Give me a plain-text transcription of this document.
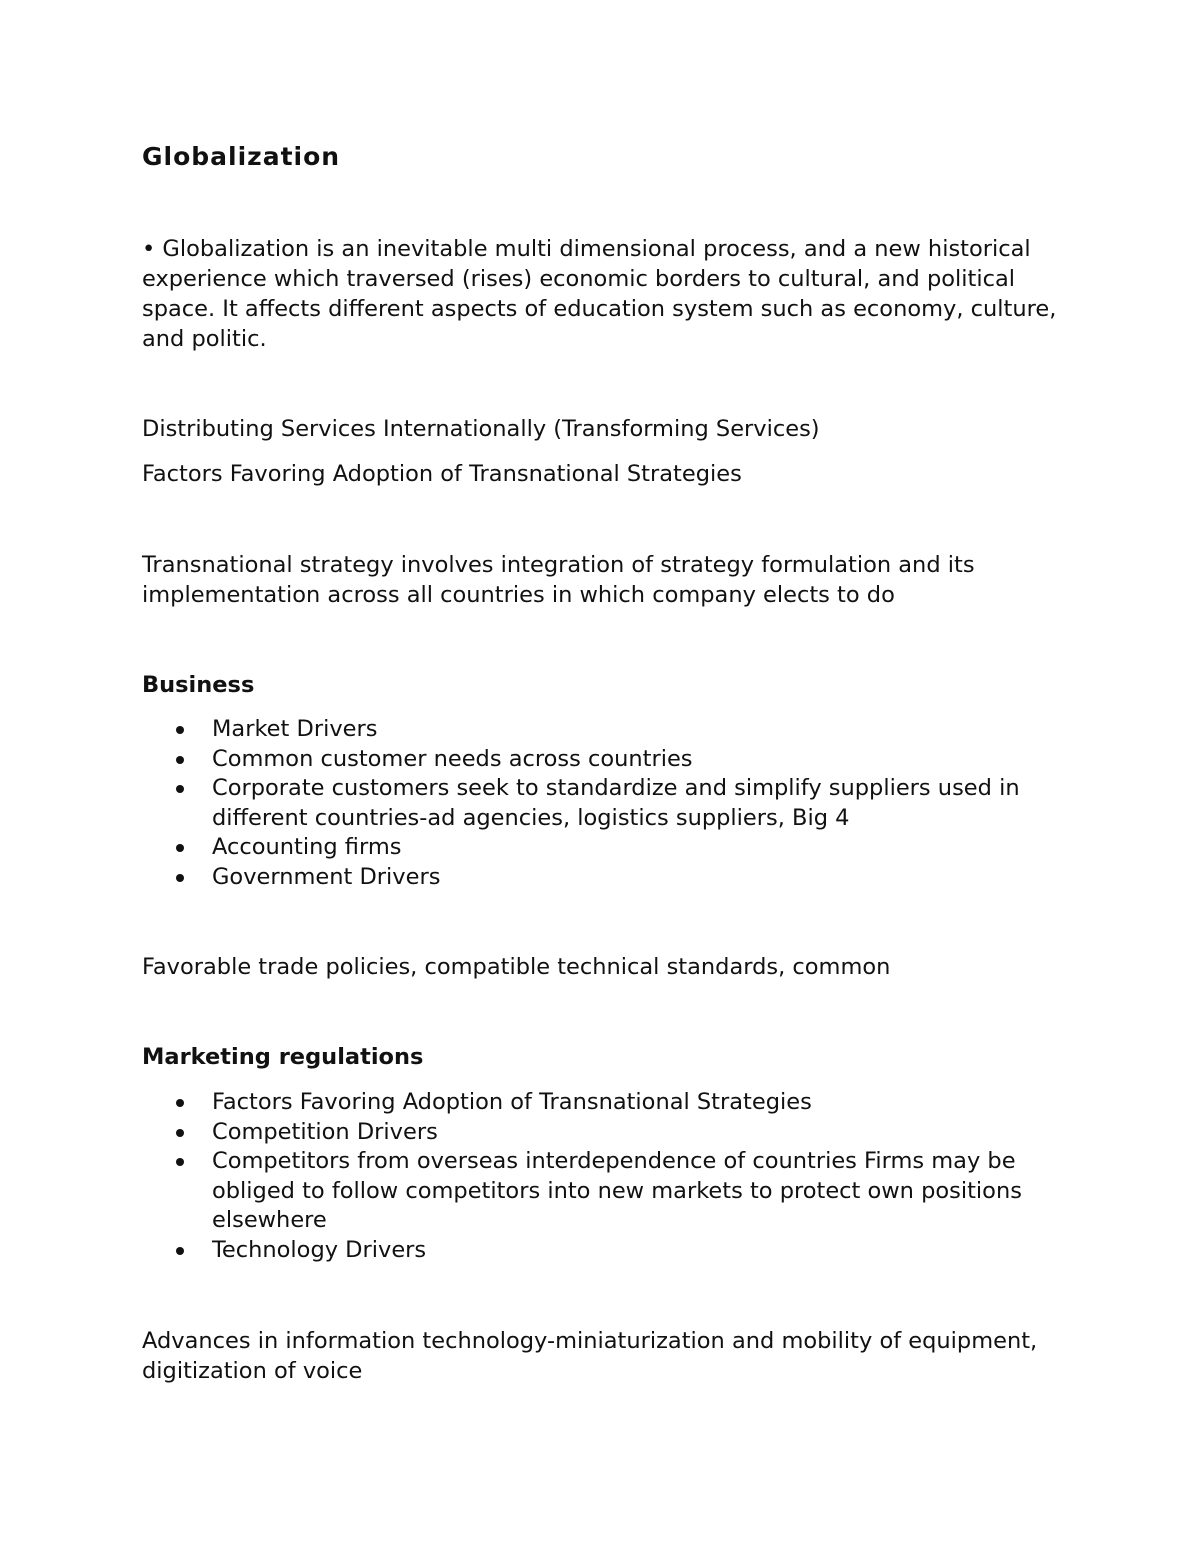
Globalization

• Globalization is an inevitable multi dimensional process, and a new historical experience which traversed (rises) economic borders to cultural, and political space. It affects different aspects of education system such as economy, culture, and politic.

Distributing Services Internationally (Transforming Services)

Factors Favoring Adoption of Transnational Strategies

Transnational strategy involves integration of strategy formulation and its implementation across all countries in which company elects to do

Business
Market Drivers
Common customer needs across countries
Corporate customers seek to standardize and simplify suppliers used in different countries-ad agencies, logistics suppliers, Big 4
Accounting firms
Government Drivers

Favorable trade policies, compatible technical standards, common

Marketing regulations
Factors Favoring Adoption of Transnational Strategies
Competition Drivers
Competitors from overseas interdependence of countries Firms may be obliged to follow competitors into new markets to protect own positions elsewhere
Technology Drivers

Advances in information technology-miniaturization and mobility of equipment, digitization of voice
